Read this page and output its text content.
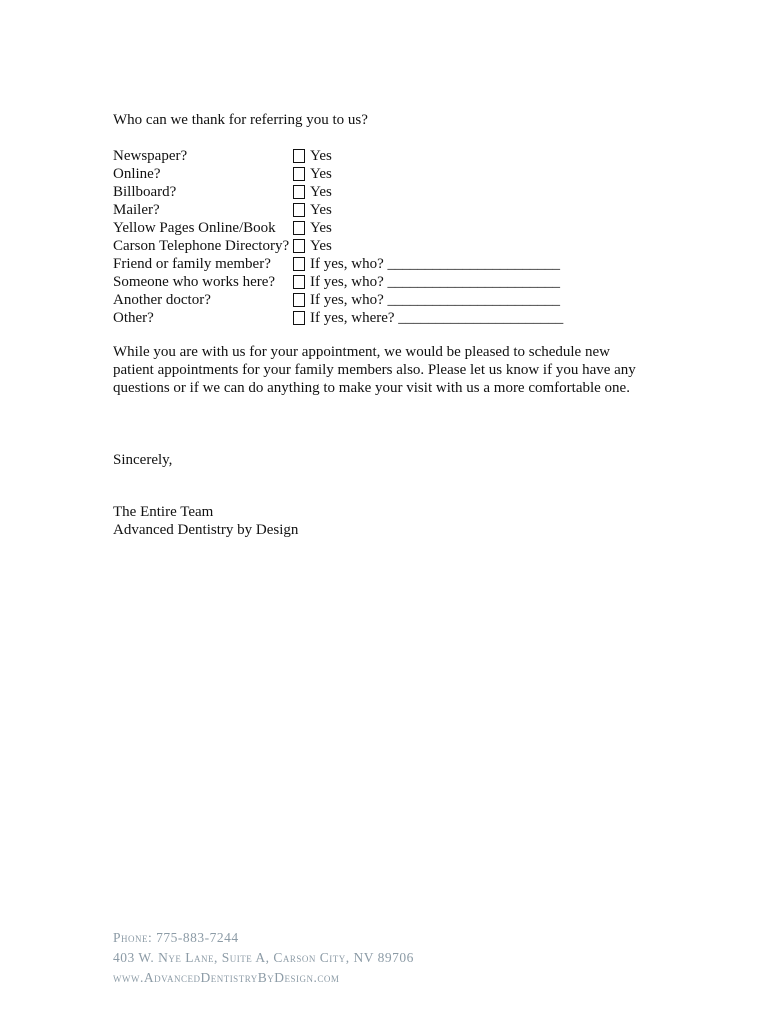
Who can we thank for referring you to us?
Newspaper?	Yes
Online?	Yes
Billboard?	Yes
Mailer?	Yes
Yellow Pages Online/Book Yes
Carson Telephone Directory? Yes
Friend or family member?	If yes, who? _______________________
Someone who works here? If yes, who? _______________________
Another doctor?	If yes, who? _______________________
Other?	If yes, where? ______________________
While you are with us for your appointment, we would be pleased to schedule new
patient appointments for your family members also. Please let us know if you have any
questions or if we can do anything to make your visit with us a more comfortable one.
Sincerely,
The Entire Team
Advanced Dentistry by Design
Phone: 775-883-7244
403 W. Nye Lane, Suite A, Carson City, NV 89706
www.AdvancedDentistryByDesign.com
